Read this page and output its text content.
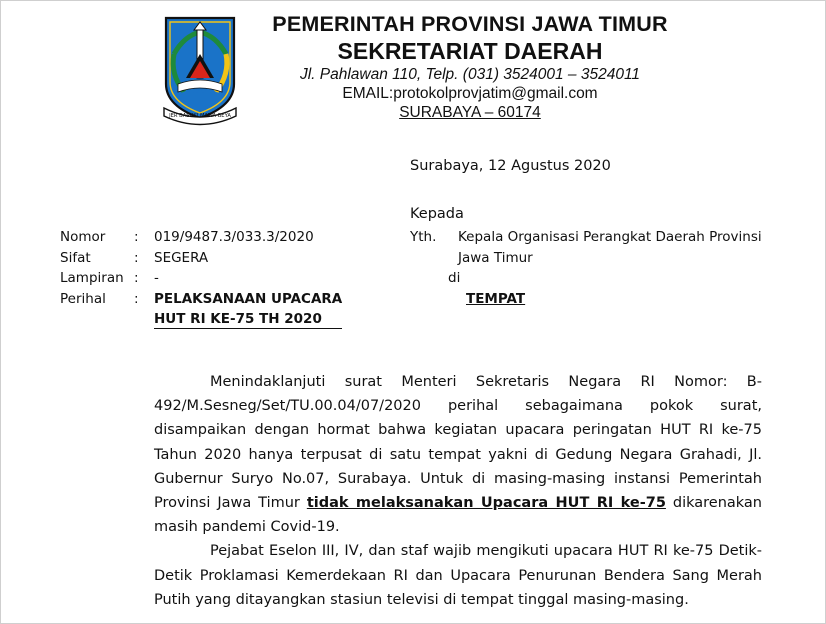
JER BASUKI MAWA BEYA
PEMERINTAH PROVINSI JAWA TIMUR
SEKRETARIAT DAERAH
Jl. Pahlawan 110, Telp. (031) 3524001 – 3524011
EMAIL:protokolprovjatim@gmail.com
SURABAYA – 60174
Surabaya, 12 Agustus 2020
Kepada
Nomor : 019/9487.3/033.3/2020
Sifat	: SEGERA
Lampiran : -
Perihal : PELAKSANAAN UPACARA
HUT RI KE-75 TH 2020
Yth. Kepala Organisasi Perangkat Daerah Provinsi
Jawa Timur
di
TEMPAT

Menindaklanjuti surat Menteri Sekretaris Negara RI Nomor: B-492/M.Sesneg/Set/TU.00.04/07/2020 perihal sebagaimana pokok surat, disampaikan dengan hormat bahwa kegiatan upacara peringatan HUT RI ke-75 Tahun 2020 hanya terpusat di satu tempat yakni di Gedung Negara Grahadi, Jl. Gubernur Suryo No.07, Surabaya. Untuk di masing-masing instansi Pemerintah Provinsi Jawa Timur tidak melaksanakan Upacara HUT RI ke-75 dikarenakan masih pandemi Covid-19.

Pejabat Eselon III, IV, dan staf wajib mengikuti upacara HUT RI ke-75 Detik-Detik Proklamasi Kemerdekaan RI dan Upacara Penurunan Bendera Sang Merah Putih yang ditayangkan stasiun televisi di tempat tinggal masing-masing.
